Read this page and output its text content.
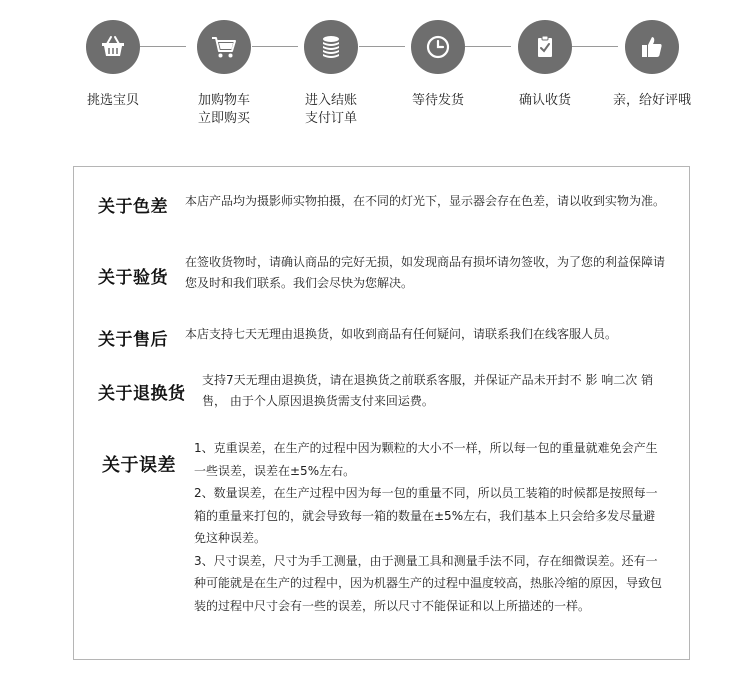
挑选宝贝	加购物车
立即购买
进入结账
支付订单
等待发货	确认收货	亲，给好评哦
关于色差 本店产品均为摄影师实物拍摄，在不同的灯光下，显示器会存在色差，请以收到实物为准。

关于验货

在签收货物时，请确认商品的完好无损，如发现商品有损坏请勿签收，为了您的利益保障请您及时和我们联系。我们会尽快为您解决。

关于售后 本店支持七天无理由退换货，如收到商品有任何疑问，请联系我们在线客服人员。

关于退换货

支持7天无理由退换货，请在退换货之前联系客服，并保证产品未开封不 影 响二次 销售， 由于个人原因退换货需支付来回运费。

关于误差

1、克重误差，在生产的过程中因为颗粒的大小不一样，所以每一包的重量就难免会产生一些误差，误差在±5%左右。

2、数量误差，在生产过程中因为每一包的重量不同，所以员工装箱的时候都是按照每一箱的重量来打包的，就会导致每一箱的数量在±5%左右，我们基本上只会给多发尽量避免这种误差。

3、尺寸误差，尺寸为手工测量，由于测量工具和测量手法不同，存在细微误差。还有一种可能就是在生产的过程中，因为机器生产的过程中温度较高，热胀冷缩的原因，导致包装的过程中尺寸会有一些的误差，所以尺寸不能保证和以上所描述的一样。
